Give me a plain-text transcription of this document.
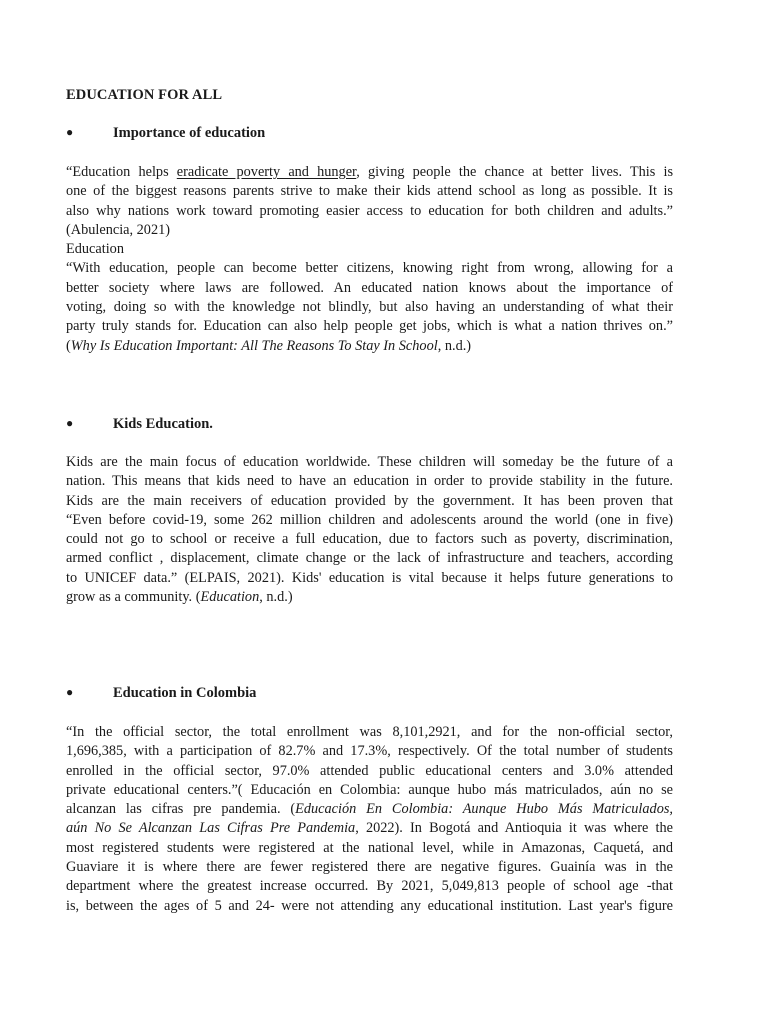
EDUCATION FOR ALL
●	Importance of education
“Education helps eradicate poverty and hunger, giving people the chance at better lives. This is
one of the biggest reasons parents strive to make their kids attend school as long as possible. It is
also why nations work toward promoting easier access to education for both children and adults.”
(Abulencia, 2021)
Education
“With education, people can become better citizens, knowing right from wrong, allowing for a
better society where laws are followed. An educated nation knows about the importance of
voting, doing so with the knowledge not blindly, but also having an understanding of what their
party truly stands for. Education can also help people get jobs, which is what a nation thrives on.”
(Why Is Education Important: All The Reasons To Stay In School, n.d.)
●	Kids Education.
Kids are the main focus of education worldwide. These children will someday be the future of a
nation. This means that kids need to have an education in order to provide stability in the future.
Kids are the main receivers of education provided by the government. It has been proven that
“Even before covid-19, some 262 million children and adolescents around the world (one in five)
could not go to school or receive a full education, due to factors such as poverty, discrimination,
armed conflict , displacement, climate change or the lack of infrastructure and teachers, according
to UNICEF data.” (ELPAIS, 2021). Kids' education is vital because it helps future generations to
grow as a community. (Education, n.d.)
●	Education in Colombia
“In the official sector, the total enrollment was 8,101,2921, and for the non-official sector,
1,696,385, with a participation of 82.7% and 17.3%, respectively. Of the total number of students
enrolled in the official sector, 97.0% attended public educational centers and 3.0% attended
private educational centers.”( Educación en Colombia: aunque hubo más matriculados, aún no se
alcanzan las cifras pre pandemia. (Educación En Colombia: Aunque Hubo Más Matriculados,
aún No Se Alcanzan Las Cifras Pre Pandemia, 2022). In Bogotá and Antioquia it was where the
most registered students were registered at the national level, while in Amazonas, Caquetá, and
Guaviare it is where there are fewer registered there are negative figures. Guainía was in the
department where the greatest increase occurred. By 2021, 5,049,813 people of school age -that
is, between the ages of 5 and 24- were not attending any educational institution. Last year's figure
